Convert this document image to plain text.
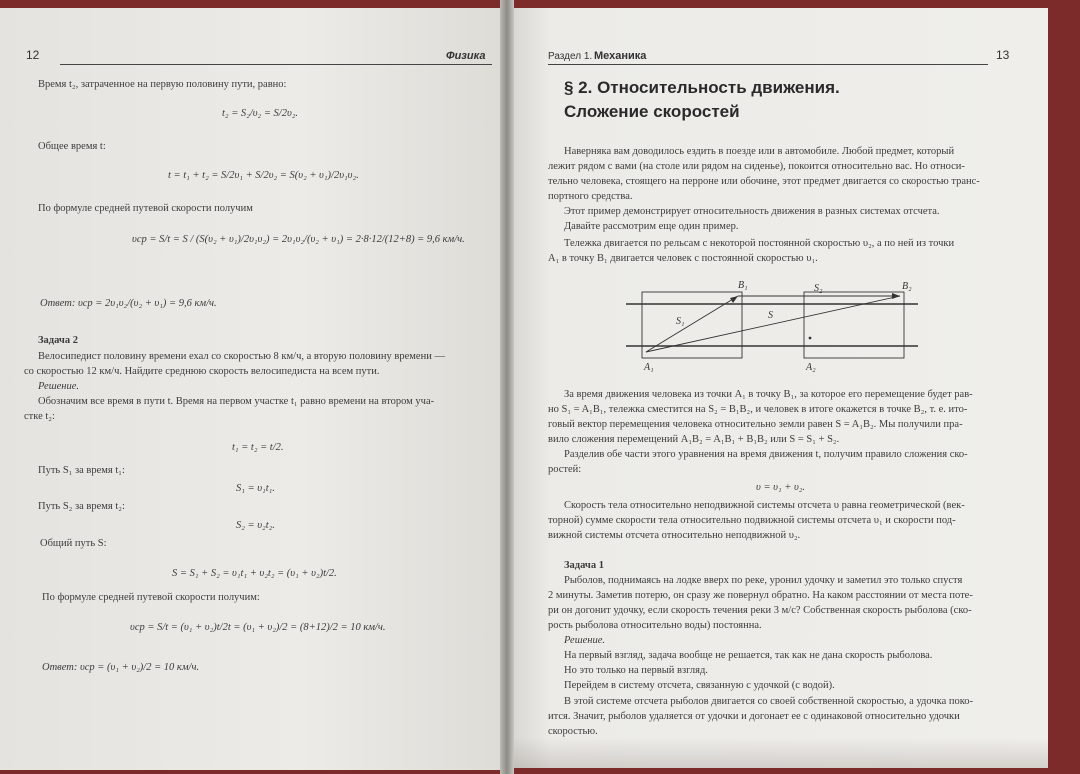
12	Физика
Время t₂, затраченное на первую половину пути, равно:
t₂ = S₂/υ₂ = S/2υ₂.
Общее время t:
t = t₁ + t₂ = S/2υ₁ + S/2υ₂ = S(υ₂ + υ₁)/2υ₁υ₂.
По формуле средней путевой скорости получим
υср = S/t = S / (S(υ₂ + υ₁)/2υ₁υ₂) = 2υ₁υ₂/(υ₂ + υ₁) = 2·8·12/(12+8) = 9,6 км/ч.
Ответ: υср = 2υ₁υ₂/(υ₂ + υ₁) = 9,6 км/ч.
Задача 2
Велосипедист половину времени ехал со скоростью 8 км/ч, а вторую половину времени —
со скоростью 12 км/ч. Найдите среднюю скорость велосипедиста на всем пути.
Решение.
Обозначим все время в пути t. Время на первом участке t₁ равно времени на втором уча-
стке t₂:
t₁ = t₂ = t/2.
Путь S₁ за время t₁:
S₁ = υ₁t₁.
Путь S₂ за время t₂:
S₂ = υ₂t₂.
Общий путь S:
S = S₁ + S₂ = υ₁t₁ + υ₂t₂ = (υ₁ + υ₂)t/2.
По формуле средней путевой скорости получим:
υср = S/t = (υ₁ + υ₂)t/2t = (υ₁ + υ₂)/2 = (8+12)/2 = 10 км/ч.
Ответ: υср = (υ₁ + υ₂)/2 = 10 км/ч.
Раздел 1. Механика	13
§ 2. Относительность движения.
Сложение скоростей
Наверняка вам доводилось ездить в поезде или в автомобиле. Любой предмет, который
лежит рядом с вами (на столе или рядом на сиденье), покоится относительно вас. Но относи-
тельно человека, стоящего на перроне или обочине, этот предмет двигается со скоростью транс-
портного средства.
Этот пример демонстрирует относительность движения в разных системах отсчета.
Давайте рассмотрим еще один пример.
Тележка двигается по рельсам с некоторой постоянной скоростью υ₂, а по ней из точки
A₁ в точку B₁ двигается человек с постоянной скоростью υ₁.
B₁	B₂
A₁	A₂
S₁
S₂
S
За время движения человека из точки A₁ в точку B₁, за которое его перемещение будет рав-
но S₁ = A₁B₁, тележка сместится на S₂ = B₁B₂, и человек в итоге окажется в точке B₂, т. е. ито-
говый вектор перемещения человека относительно земли равен S = A₁B₂. Мы получили пра-
вило сложения перемещений A₁B₂ = A₁B₁ + B₁B₂ или S = S₁ + S₂.
Разделив обе части этого уравнения на время движения t, получим правило сложения ско-
ростей:
υ = υ₁ + υ₂.
Скорость тела относительно неподвижной системы отсчета υ равна геометрической (век-
торной) сумме скорости тела относительно подвижной системы отсчета υ₁ и скорости под-
вижной системы отсчета относительно неподвижной υ₂.
Задача 1
Рыболов, поднимаясь на лодке вверх по реке, уронил удочку и заметил это только спустя
2 минуты. Заметив потерю, он сразу же повернул обратно. На каком расстоянии от места поте-
ри он догонит удочку, если скорость течения реки 3 м/с? Собственная скорость рыболова (ско-
рость рыболова относительно воды) постоянна.
Решение.
На первый взгляд, задача вообще не решается, так как не дана скорость рыболова.
Но это только на первый взгляд.
Перейдем в систему отсчета, связанную с удочкой (с водой).
В этой системе отсчета рыболов двигается со своей собственной скоростью, а удочка поко-
ится. Значит, рыболов удаляется от удочки и догонает ее с одинаковой относительно удочки
скоростью.
